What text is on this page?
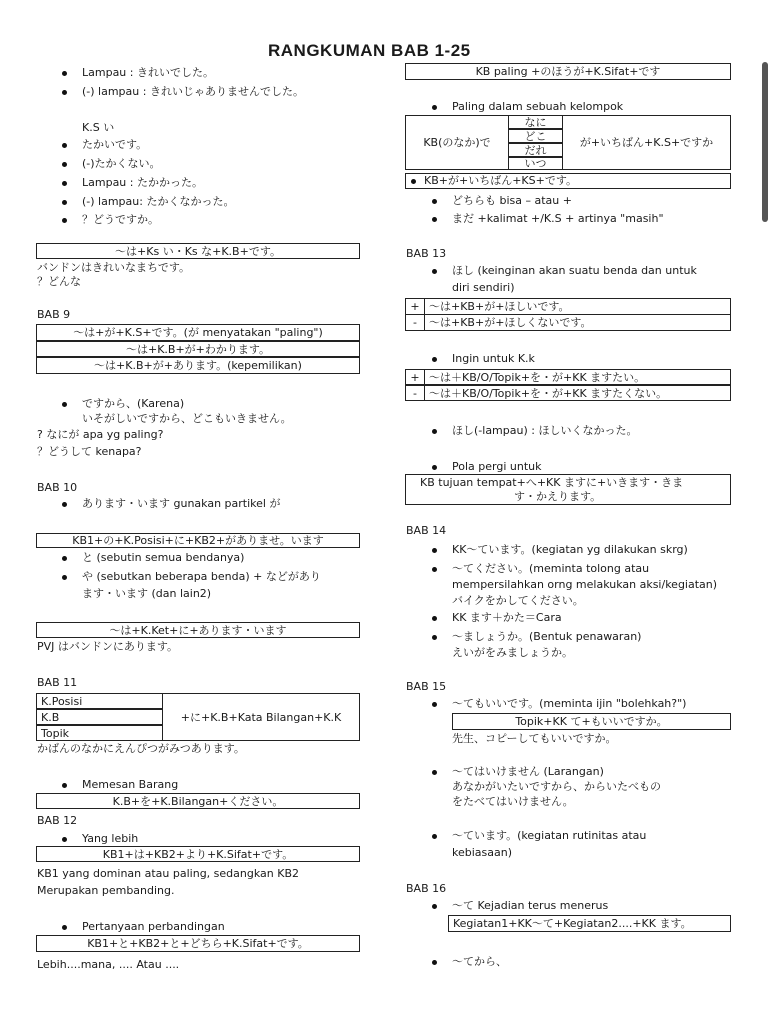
RANGKUMAN BAB 1-25
Lampau : きれいでした。
(-) lampau : きれいじゃありませんでした。
K.S い
たかいです。
(-)たかくない。
Lampau : たかかった。
(-) lampau: たかくなかった。
？どうですか。
～は+Ks い・Ks な+K.B+です。
バンドンはきれいなまちです。
？どんな
BAB 9
～は+が+K.S+です。(が menyatakan "paling")
～は+K.B+が+わかります。
～は+K.B+が+あります。(kepemilikan)
ですから、(Karena)
いそがしいですから、どこもいきません。
? なにが apa yg paling?
？どうして kenapa?
BAB 10
あります・います gunakan partikel が
KB1+の+K.Posisi+に+KB2+がありませ。います
と (sebutin semua bendanya)
や (sebutkan beberapa benda) + などがあり
ます・います (dan lain2)
～は+K.Ket+に+あります・います
PVJ はバンドンにあります。
BAB 11
K.Posisi
K.B
Topik
+に+K.B+Kata Bilangan+K.K
かばんのなかにえんぴつがみつあります。
Memesan Barang
K.B+を+K.Bilangan+ください。
BAB 12
Yang lebih
KB1+は+KB2+より+K.Sifat+です。
KB1 yang dominan atau paling, sedangkan KB2
Merupakan pembanding.
Pertanyaan perbandingan
KB1+と+KB2+と+どちら+K.Sifat+です。
Lebih....mana, .... Atau ....
KB paling +のほうが+K.Sifat+です
Paling dalam sebuah kelompok
KB(のなか)で
なに
どこ
だれ
いつ
が+いちばん+K.S+ですか
KB+が+いちばん+KS+です。
どちらも bisa – atau +
まだ +kalimat +/K.S + artinya "masih"
BAB 13
ほし (keinginan akan suatu benda dan untuk
diri sendiri)
+ ～は+KB+が+ほしいです。
-	～は+KB+が+ほしくないです。
Ingin untuk K.k
+ ～は＋KB/O/Topik+を・が+KK ますたい。
-	～は＋KB/O/Topik+を・が+KK ますたくない。
ほし(-lampau) : ほしいくなかった。
Pola pergi untuk
KB tujuan tempat+へ+KK ますに+いきます・きま
す・かえります。
BAB 14
KK～ています。(kegiatan yg dilakukan skrg)
～てください。(meminta tolong atau
mempersilahkan orng melakukan aksi/kegiatan)
バイクをかしてください。
KK ます＋かた＝Cara
～ましょうか。(Bentuk penawaran)
えいがをみましょうか。
BAB 15
～てもいいです。(meminta ijin "bolehkah?")
Topik+KK て+もいいですか。
先生、コピーしてもいいですか。
～てはいけません (Larangan)
あなかがいたいですから、からいたべもの
をたべてはいけません。
～ています。(kegiatan rutinitas atau
kebiasaan)
BAB 16
～て Kejadian terus menerus
Kegiatan1+KK～て+Kegiatan2....+KK ます。
～てから、
